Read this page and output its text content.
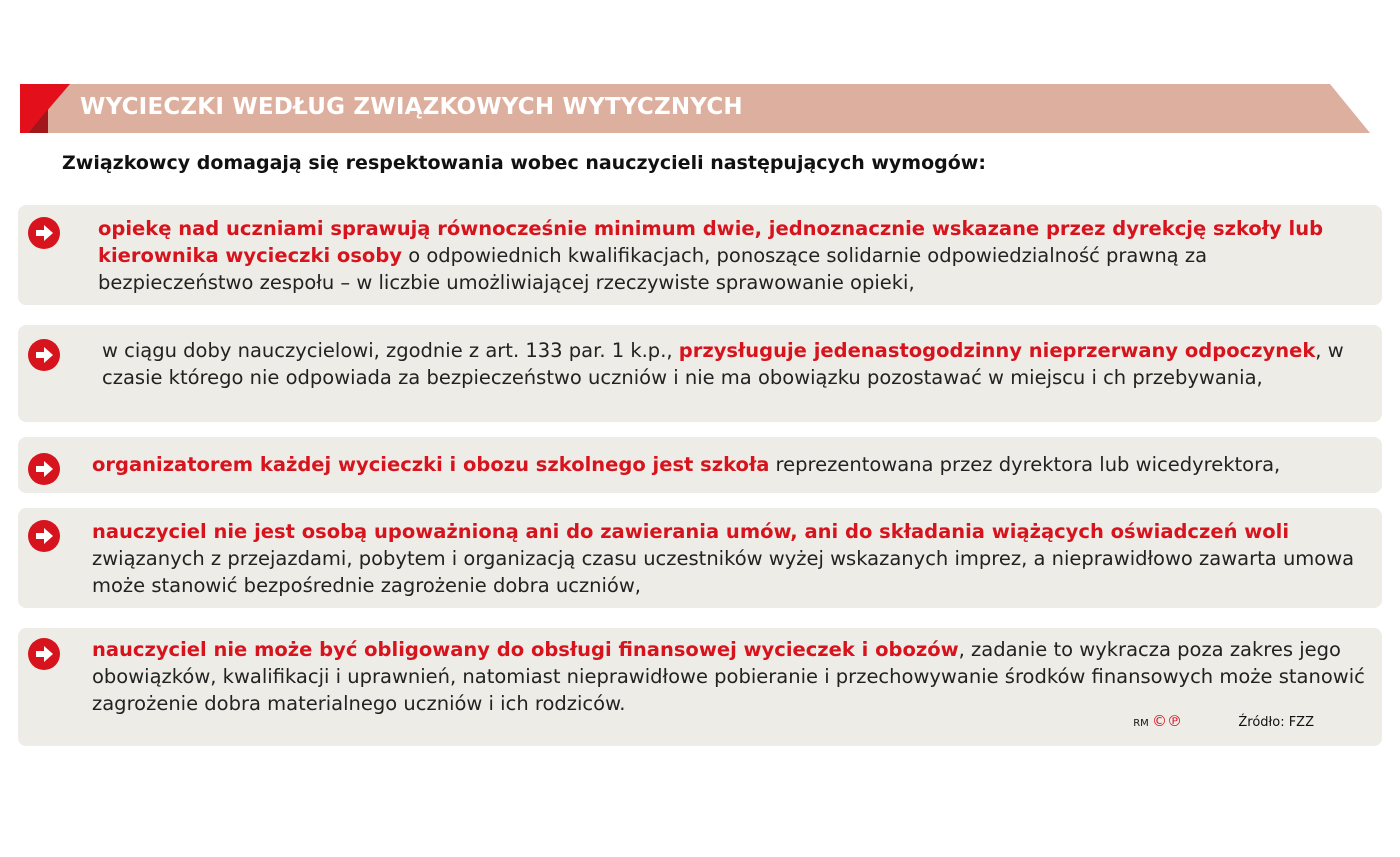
WYCIECZKI WEDŁUG ZWIĄZKOWYCH WYTYCZNYCH
Związkowcy domagają się respektowania wobec nauczycieli następujących wymogów:
opiekę nad uczniami sprawują równocześnie minimum dwie, jednoznacznie wskazane przez dyrekcję szkoły lub kierownika wycieczki osoby o odpowiednich kwalifikacjach, ponoszące solidarnie odpowiedzialność prawną za bezpieczeństwo zespołu – w liczbie umożliwiającej rzeczywiste sprawowanie opieki,
w ciągu doby nauczycielowi, zgodnie z art. 133 par. 1 k.p., przysługuje jedenastogodzinny nieprzerwany odpoczynek, w czasie którego nie odpowiada za bezpieczeństwo uczniów i nie ma obowiązku pozostawać w miejscu i ch przebywania,
organizatorem każdej wycieczki i obozu szkolnego jest szkoła reprezentowana przez dyrektora lub wicedyrektora,
nauczyciel nie jest osobą upoważnioną ani do zawierania umów, ani do składania wiążących oświadczeń woli związanych z przejazdami, pobytem i organizacją czasu uczestników wyżej wskazanych imprez, a nieprawidłowo zawarta umowa może stanowić bezpośrednie zagrożenie dobra uczniów,
nauczyciel nie może być obligowany do obsługi finansowej wycieczek i obozów, zadanie to wykracza poza zakres jego obowiązków, kwalifikacji i uprawnień, natomiast nieprawidłowe pobieranie i przechowywanie środków finansowych może stanowić zagrożenie dobra materialnego uczniów i ich rodziców.
RM ©℗	Źródło: FZZ
